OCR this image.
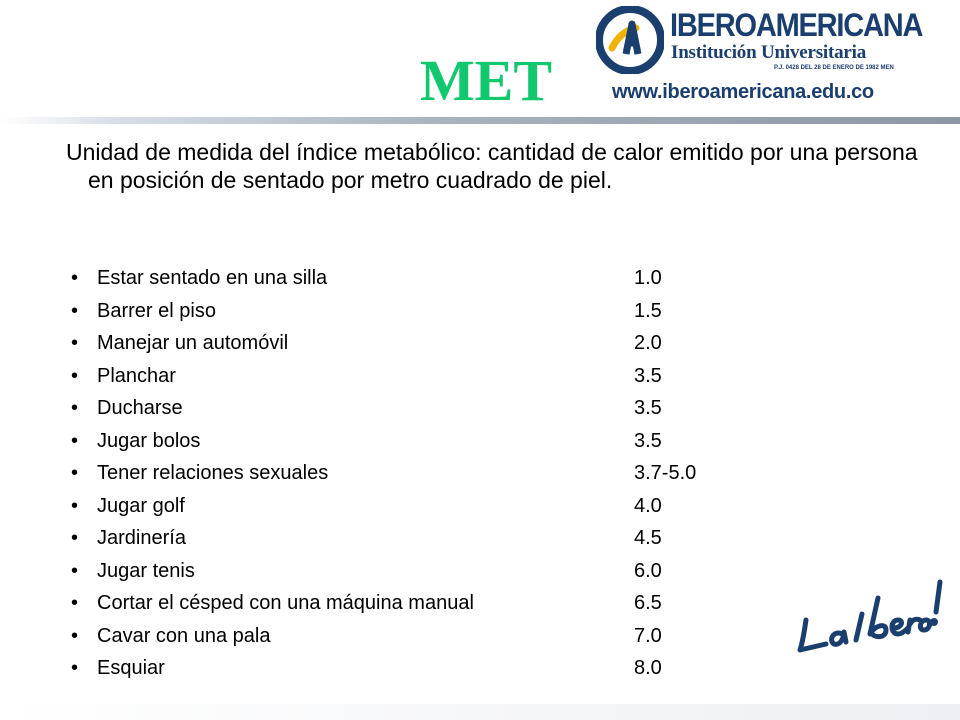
IBEROAMERICANA
Institución Universitaria
P.J. 0428 DEL 28 DE ENERO DE 1982 MEN
www.iberoamericana.edu.co
MET

Unidad de medida del índice metabólico: cantidad de calor emitido por una persona en posición de sentado por metro cuadrado de piel.

• Estar sentado en una silla	1.0
• Barrer el piso	1.5
• Manejar un automóvil	2.0
• Planchar	3.5
• Ducharse	3.5
• Jugar bolos	3.5
• Tener relaciones sexuales	3.7-5.0
• Jugar golf	4.0
• Jardinería	4.5
• Jugar tenis	6.0
• Cortar el césped con una máquina manual	6.5
• Cavar con una pala	7.0
• Esquiar	8.0
